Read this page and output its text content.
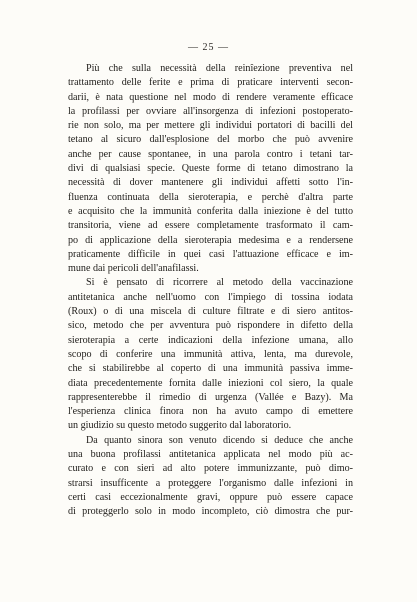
— 25 —
Più che sulla necessità della reinîezione preventiva nel
trattamento delle ferite e prima di praticare interventi secon-
darii, è nata questione nel modo di rendere veramente efficace
la profilassi per ovviare all'insorgenza di infezioni postoperato-
rie non solo, ma per mettere gli individui portatori di bacilli del
tetano al sicuro dall'esplosione del morbo che può avvenire
anche per cause spontanee, in una parola contro i tetani tar-
divi di qualsiasi specie. Queste forme di tetano dimostrano la
necessità di dover mantenere gli individui affetti sotto l'in-
fluenza continuata della sieroterapia, e perchè d'altra parte
e acquisito che la immunità conferita dalla iniezione è del tutto
transitoria, viene ad essere completamente trasformato il cam-
po di applicazione della sieroterapia medesima e a rendersene
praticamente difficile in quei casi l'attuazione efficace e im-
mune dai pericoli dell'anafilassi.
Si è pensato di ricorrere al metodo della vaccinazione
antitetanica anche nell'uomo con l'impiego di tossina iodata
(Roux) o di una miscela di culture filtrate e di siero antitos-
sico, metodo che per avventura può rispondere in difetto della
sieroterapia a certe indicazioni della infezione umana, allo
scopo di conferire una immunità attiva, lenta, ma durevole,
che si stabilirebbe al coperto di una immunità passiva imme-
diata precedentemente fornita dalle iniezioni col siero, la quale
rappresenterebbe il rimedio di urgenza (Vallée e Bazy). Ma
l'esperienza clinica finora non ha avuto campo di emettere
un giudizio su questo metodo suggerito dal laboratorio.
Da quanto sinora son venuto dicendo si deduce che anche
una buona profilassi antitetanica applicata nel modo più ac-
curato e con sieri ad alto potere immunizzante, può dimo-
strarsi insufficente a proteggere l'organismo dalle infezioni in
certi casi eccezionalmente gravi, oppure può essere capace
di proteggerlo solo in modo incompleto, ciò dimostra che pur-
